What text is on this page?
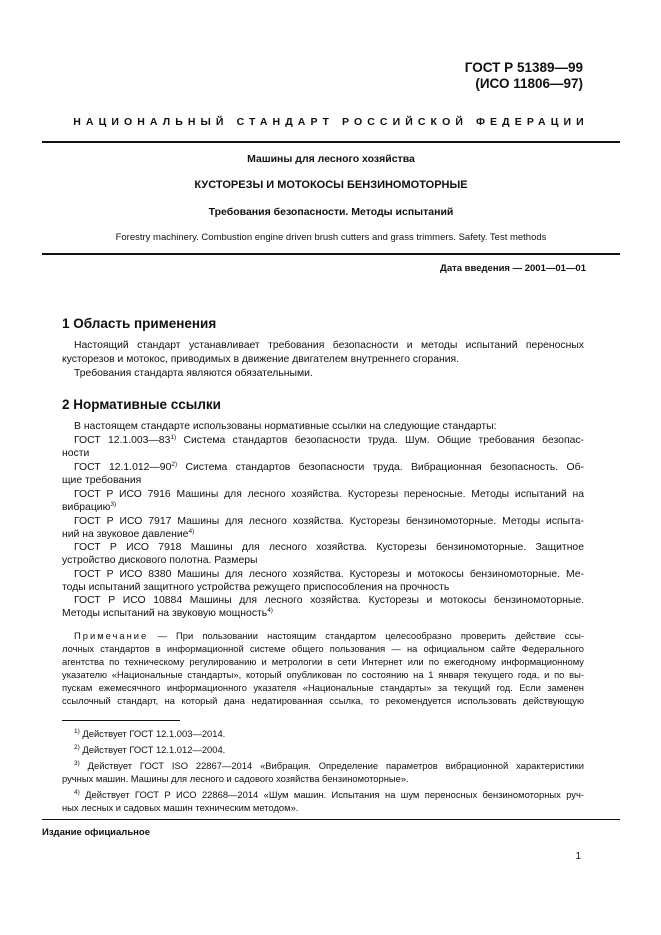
ГОСТ Р 51389—99
(ИСО 11806—97)
НАЦИОНАЛЬНЫЙ СТАНДАРТ РОССИЙСКОЙ ФЕДЕРАЦИИ
Машины для лесного хозяйства
КУСТОРЕЗЫ И МОТОКОСЫ БЕНЗИНОМОТОРНЫЕ
Требования безопасности. Методы испытаний
Forestry machinery. Combustion engine driven brush cutters and grass trimmers. Safety. Test methods
Дата введения — 2001—01—01
1 Область применения
Настоящий стандарт устанавливает требования безопасности и методы испытаний переносных
кусторезов и мотокос, приводимых в движение двигателем внутреннего сгорания.
Требования стандарта являются обязательными.
2 Нормативные ссылки
В настоящем стандарте использованы нормативные ссылки на следующие стандарты:
ГОСТ 12.1.003—83$^{1)}$ Система стандартов безопасности труда. Шум. Общие требования безопас-
ности
ГОСТ 12.1.012—90$^{2)}$ Система стандартов безопасности труда. Вибрационная безопасность. Об-
щие требования
ГОСТ Р ИСО 7916 Машины для лесного хозяйства. Кусторезы переносные. Методы испытаний на
вибрацию$^{3)}$
ГОСТ Р ИСО 7917 Машины для лесного хозяйства. Кусторезы бензиномоторные. Методы испыта-
ний на звуковое давление$^{4)}$
ГОСТ Р ИСО 7918 Машины для лесного хозяйства. Кусторезы бензиномоторные. Защитное
устройство дискового полотна. Размеры
ГОСТ Р ИСО 8380 Машины для лесного хозяйства. Кусторезы и мотокосы бензиномоторные. Ме-
тоды испытаний защитного устройства режущего приспособления на прочность
ГОСТ Р ИСО 10884 Машины для лесного хозяйства. Кусторезы и мотокосы бензиномоторные.
Методы испытаний на звуковую мощность$^{4)}$
Примечание — При пользовании настоящим стандартом целесообразно проверить действие ссы-
лочных стандартов в информационной системе общего пользования — на официальном сайте Федерального
агентства по техническому регулированию и метрологии в сети Интернет или по ежегодному информационному
указателю «Национальные стандарты», который опубликован по состоянию на 1 января текущего года, и по вы-
пускам ежемесячного информационного указателя «Национальные стандарты» за текущий год. Если заменен
ссылочный стандарт, на который дана недатированная ссылка, то рекомендуется использовать действующую
$^{1)}$ Действует ГОСТ 12.1.003—2014.
$^{2)}$ Действует ГОСТ 12.1.012—2004.
$^{3)}$ Действует ГОСТ ISO 22867—2014 «Вибрация. Определение параметров вибрационной характеристики
ручных машин. Машины для лесного и садового хозяйства бензиномоторные».
$^{4)}$ Действует ГОСТ Р ИСО 22868—2014 «Шум машин. Испытания на шум переносных бензиномоторных руч-
ных лесных и садовых машин техническим методом».
Издание официальное
1
